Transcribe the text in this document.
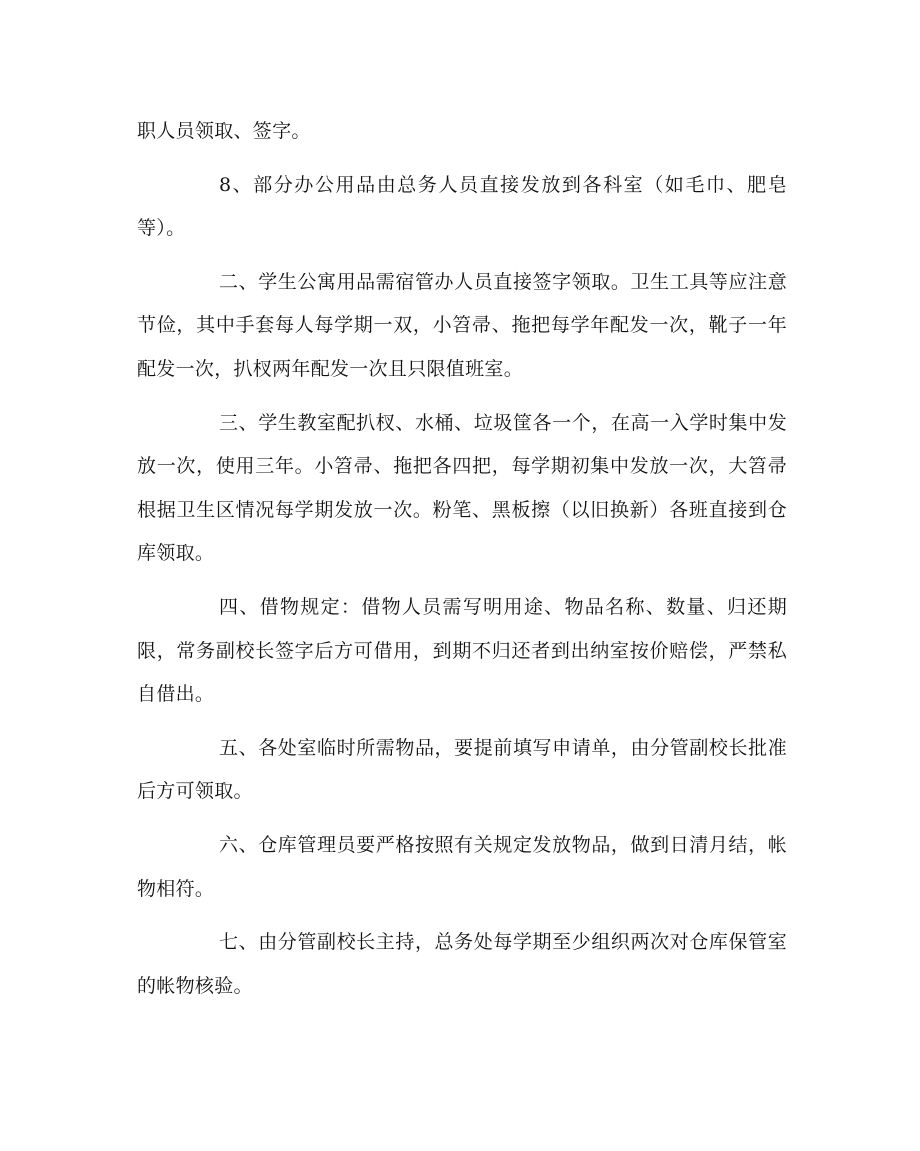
职人员领取、签字。

8、部分办公用品由总务人员直接发放到各科室（如毛巾、肥皂等）。

二、学生公寓用品需宿管办人员直接签字领取。卫生工具等应注意节俭，其中手套每人每学期一双，小笤帚、拖把每学年配发一次，靴子一年配发一次，扒杈两年配发一次且只限值班室。

三、学生教室配扒杈、水桶、垃圾筐各一个，在高一入学时集中发放一次，使用三年。小笤帚、拖把各四把，每学期初集中发放一次，大笤帚根据卫生区情况每学期发放一次。粉笔、黑板擦（以旧换新）各班直接到仓库领取。

四、借物规定：借物人员需写明用途、物品名称、数量、归还期限，常务副校长签字后方可借用，到期不归还者到出纳室按价赔偿，严禁私自借出。

五、各处室临时所需物品，要提前填写申请单，由分管副校长批准后方可领取。

六、仓库管理员要严格按照有关规定发放物品，做到日清月结，帐物相符。

七、由分管副校长主持，总务处每学期至少组织两次对仓库保管室的帐物核验。
